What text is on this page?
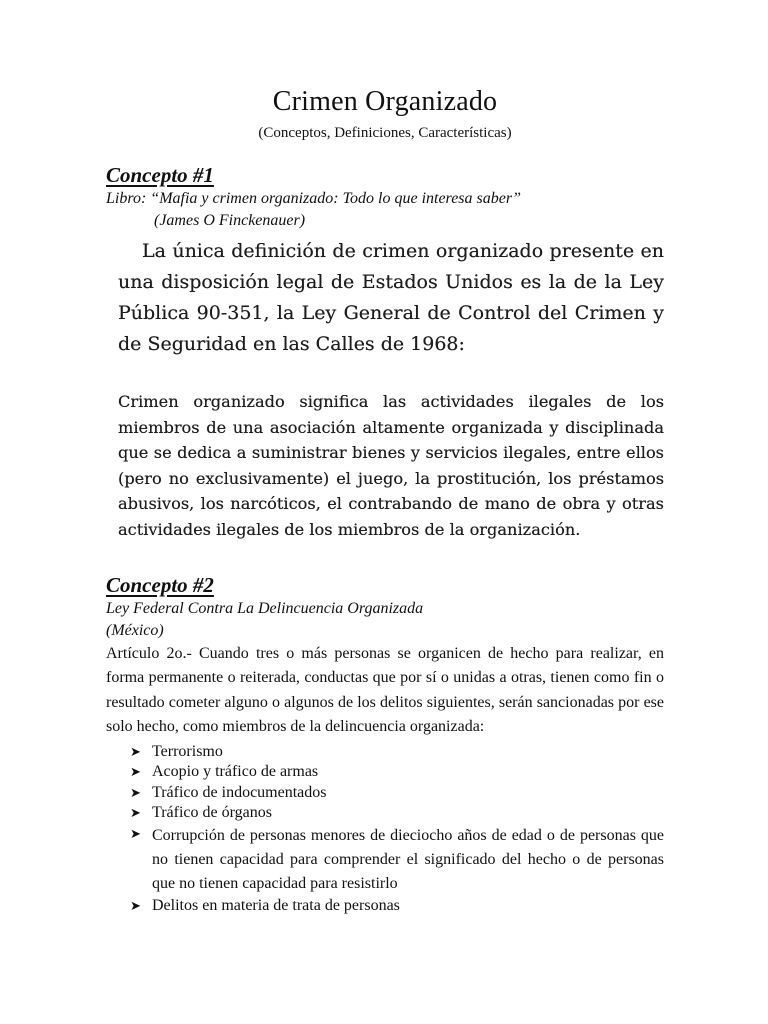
Crimen Organizado
(Conceptos, Definiciones, Características)
Concepto #1
Libro: “Mafia y crimen organizado: Todo lo que interesa saber”
(James O Finckenauer)
La única definición de crimen organizado presente en una disposición legal de Estados Unidos es la de la Ley Pública 90-351, la Ley General de Control del Crimen y de Seguridad en las Calles de 1968:
Crimen organizado significa las actividades ilegales de los miembros de una asociación altamente organizada y disciplinada que se dedica a suministrar bienes y servicios ilegales, entre ellos (pero no exclusivamente) el juego, la prostitución, los préstamos abusivos, los narcóticos, el contrabando de mano de obra y otras actividades ilegales de los miembros de la organización.
Concepto #2
Ley Federal Contra La Delincuencia Organizada
(México)
Artículo 2o.- Cuando tres o más personas se organicen de hecho para realizar, en forma permanente o reiterada, conductas que por sí o unidas a otras, tienen como fin o resultado cometer alguno o algunos de los delitos siguientes, serán sancionadas por ese solo hecho, como miembros de la delincuencia organizada:
➤ Terrorismo
➤ Acopio y tráfico de armas
➤ Tráfico de indocumentados
➤ Tráfico de órganos
➤ Corrupción de personas menores de dieciocho años de edad o de personas que no tienen capacidad para comprender el significado del hecho o de personas que no tienen capacidad para resistirlo
➤ Delitos en materia de trata de personas
